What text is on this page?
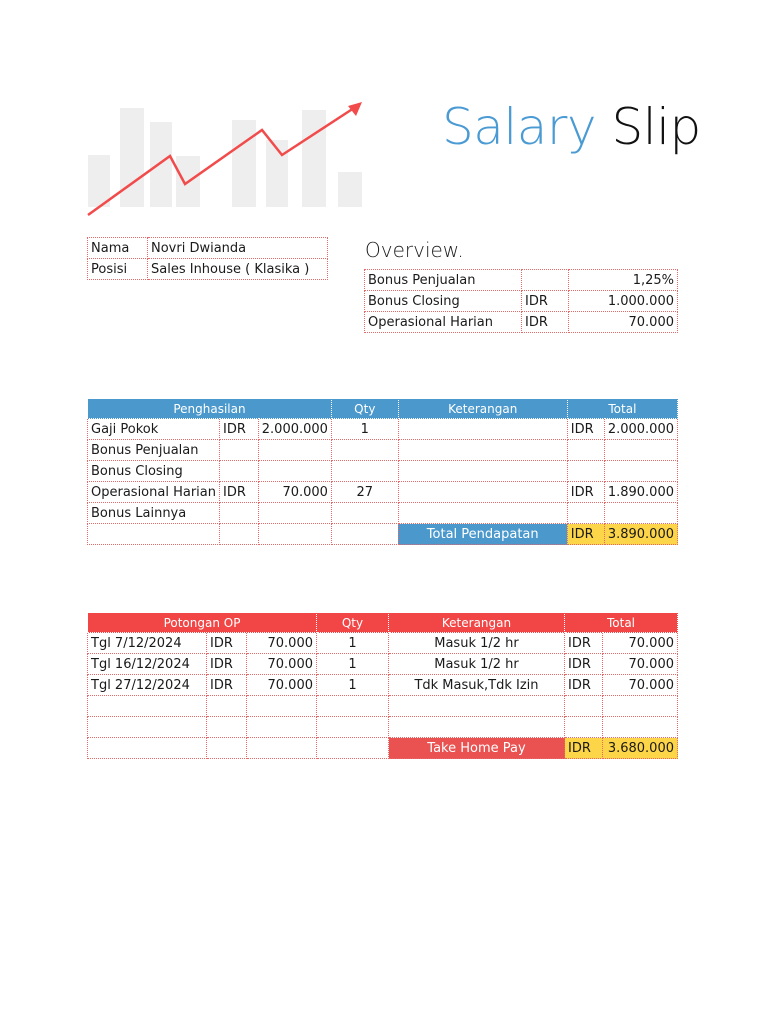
Salary Slip
Nama	Novri Dwianda
Posisi	Sales Inhouse ( Klasika )
Overview.
Bonus Penjualan		1,25%
Bonus Closing	IDR	1.000.000
Operasional Harian	IDR	70.000
Penghasilan			Qty	Keterangan	Total	
Gaji Pokok	IDR	2.000.000	1		IDR	2.000.000
Bonus Penjualan						
Bonus Closing						
Operasional Harian	IDR	70.000	27		IDR	1.890.000
Bonus Lainnya						
				Total Pendapatan	IDR	3.890.000
Potongan OP			Qty	Keterangan	Total	
Tgl 7/12/2024	IDR	70.000	1	Masuk 1/2 hr	IDR	70.000
Tgl 16/12/2024	IDR	70.000	1	Masuk 1/2 hr	IDR	70.000
Tgl 27/12/2024	IDR	70.000	1	Tdk Masuk,Tdk Izin	IDR	70.000

				Take Home Pay	IDR	3.680.000
